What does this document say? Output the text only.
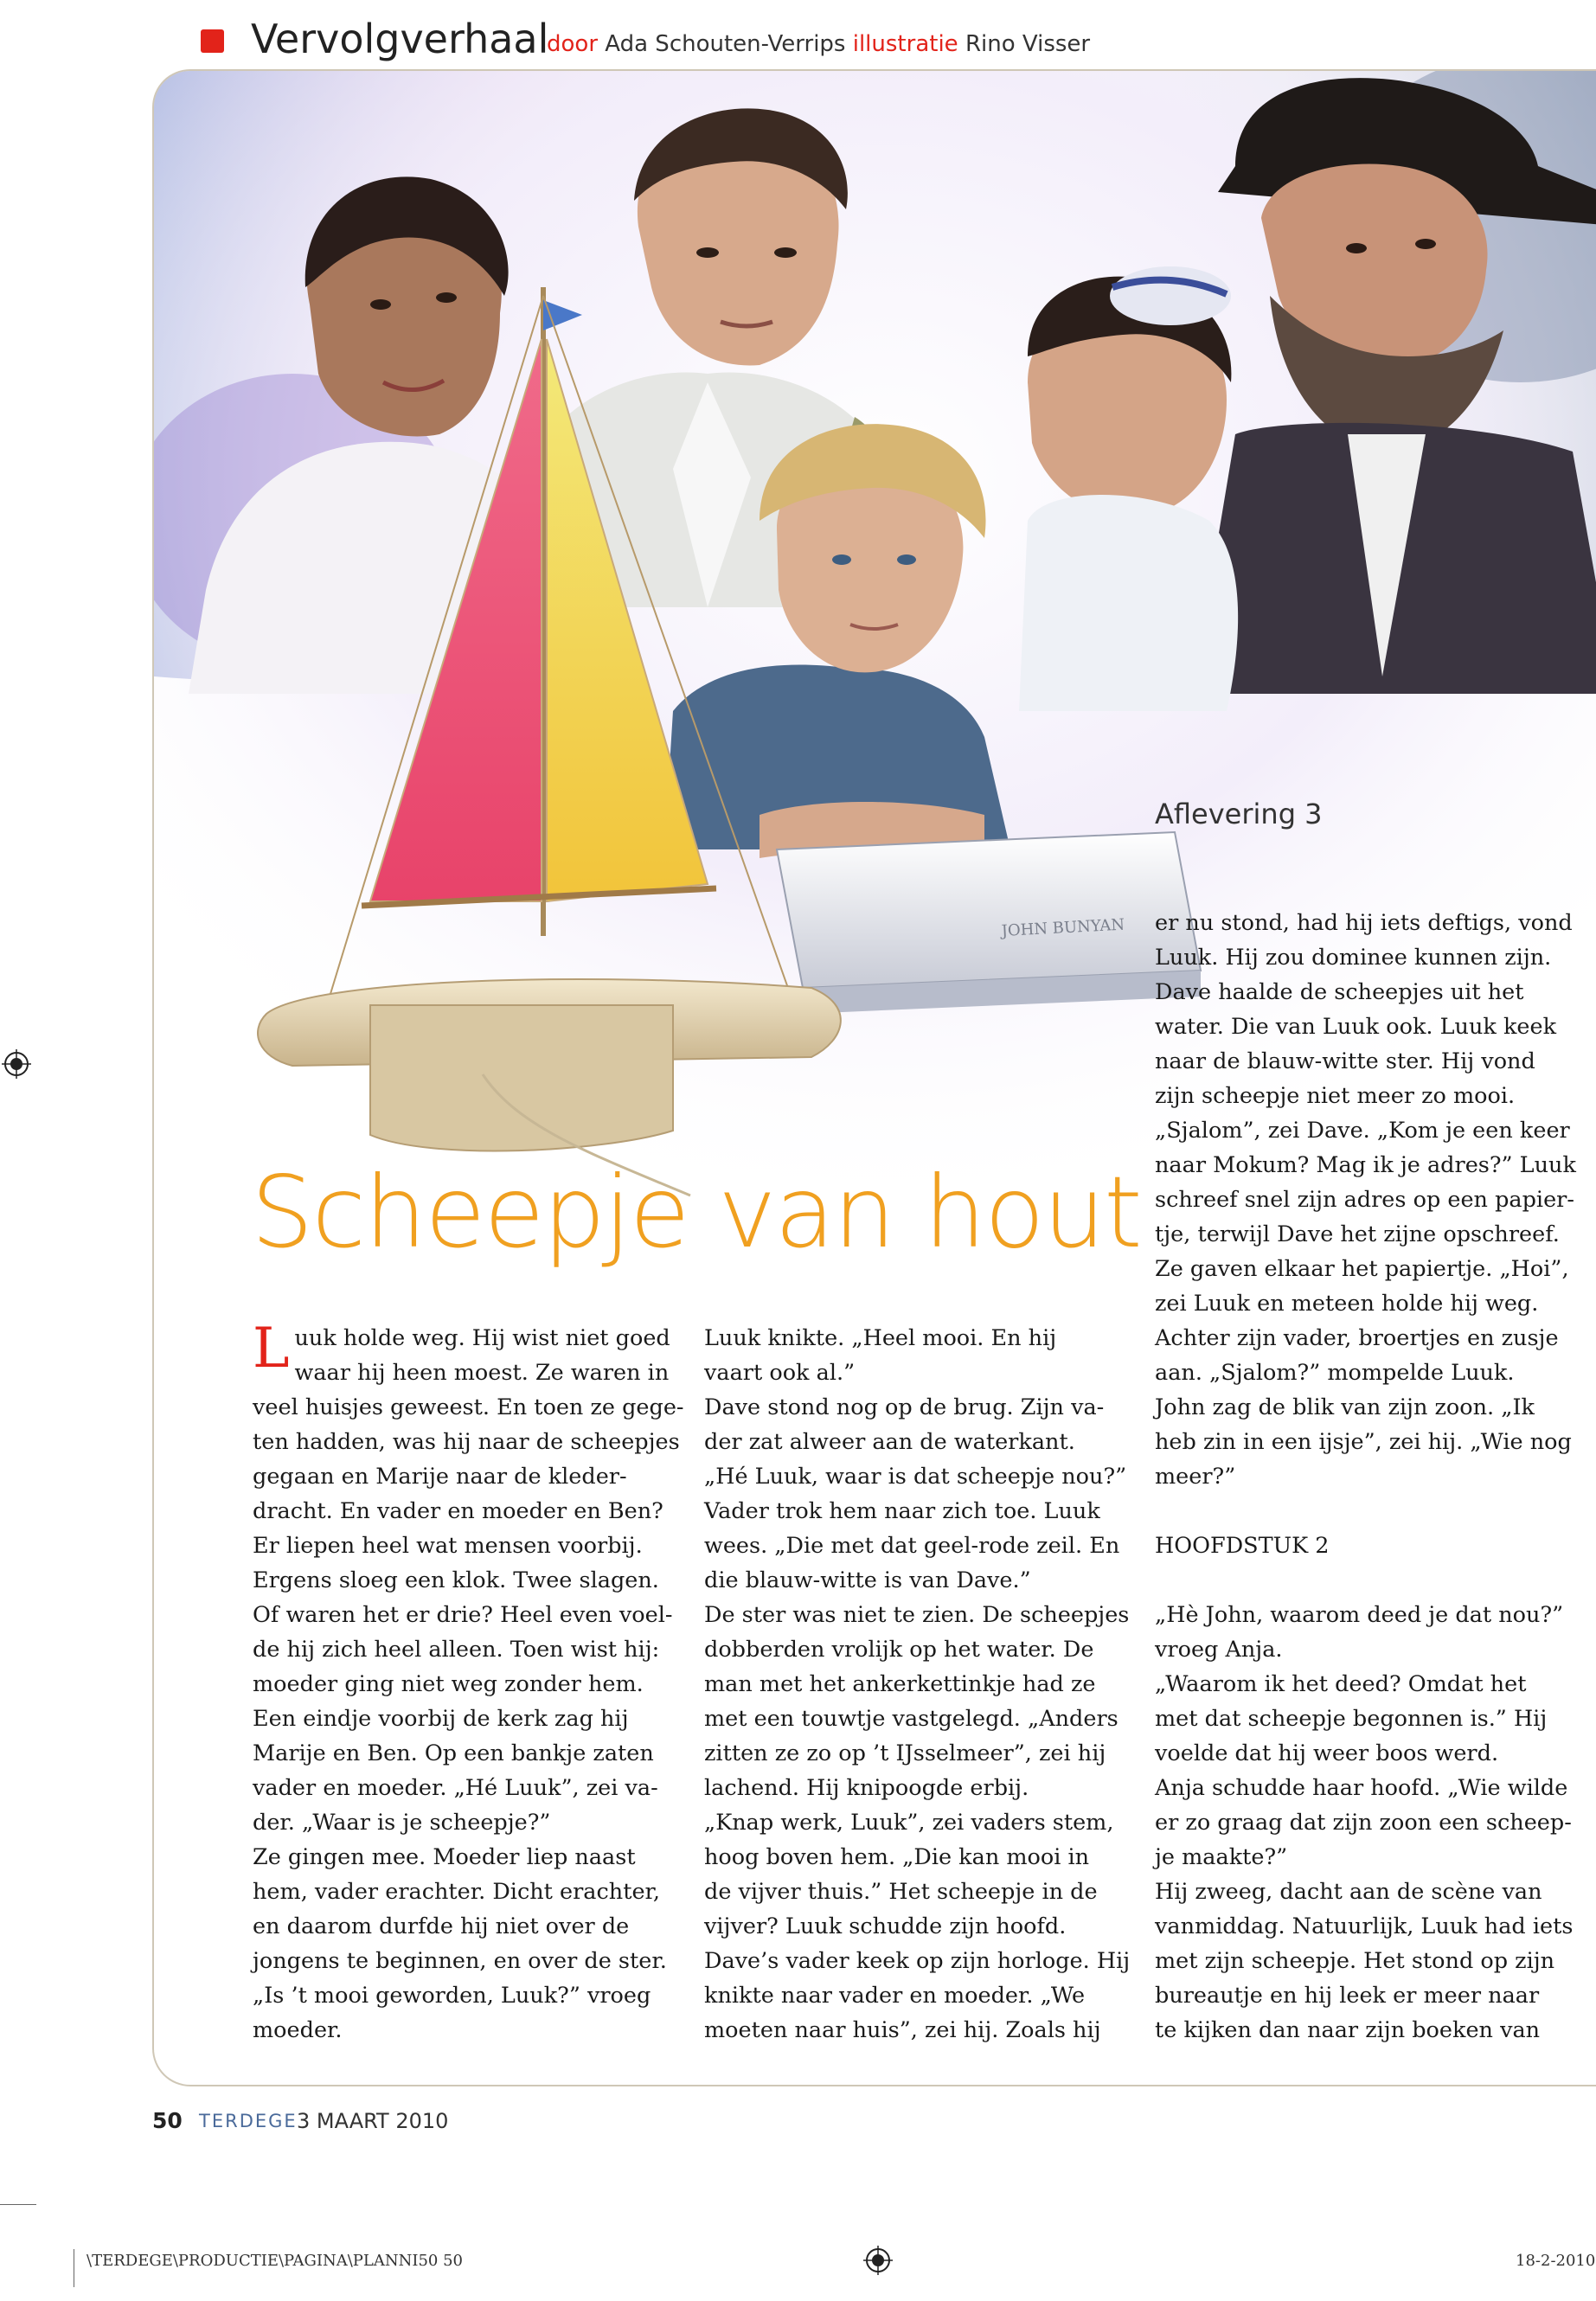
Vervolgverhaal
door Ada Schouten-Verrips illustratie Rino Visser
JOHN BUNYAN
Aflevering 3
Scheepje van hout
L uuk holde weg. Hij wist niet goed

waar hij heen moest. Ze waren in

veel huisjes geweest. En toen ze gege-

ten hadden, was hij naar de scheepjes

gegaan en Marije naar de kleder-

dracht. En vader en moeder en Ben?

Er liepen heel wat mensen voorbij.

Ergens sloeg een klok. Twee slagen.

Of waren het er drie? Heel even voel-

de hij zich heel alleen. Toen wist hij:

moeder ging niet weg zonder hem.

Een eindje voorbij de kerk zag hij

Marije en Ben. Op een bankje zaten

vader en moeder. „Hé Luuk”, zei va-

der. „Waar is je scheepje?”

Ze gingen mee. Moeder liep naast

hem, vader erachter. Dicht erachter,

en daarom durfde hij niet over de

jongens te beginnen, en over de ster.

„Is ’t mooi geworden, Luuk?” vroeg

moeder.

Luuk knikte. „Heel mooi. En hij

vaart ook al.”

Dave stond nog op de brug. Zijn va-

der zat alweer aan de waterkant.

„Hé Luuk, waar is dat scheepje nou?”

Vader trok hem naar zich toe. Luuk

wees. „Die met dat geel-rode zeil. En

die blauw-witte is van Dave.”

De ster was niet te zien. De scheepjes

dobberden vrolijk op het water. De

man met het ankerkettinkje had ze

met een touwtje vastgelegd. „Anders

zitten ze zo op ’t IJsselmeer”, zei hij

lachend. Hij knipoogde erbij.

„Knap werk, Luuk”, zei vaders stem,

hoog boven hem. „Die kan mooi in

de vijver thuis.” Het scheepje in de

vijver? Luuk schudde zijn hoofd.

Dave’s vader keek op zijn horloge. Hij

knikte naar vader en moeder. „We

moeten naar huis”, zei hij. Zoals hij

er nu stond, had hij iets deftigs, vond

Luuk. Hij zou dominee kunnen zijn.

Dave haalde de scheepjes uit het

water. Die van Luuk ook. Luuk keek

naar de blauw-witte ster. Hij vond

zijn scheepje niet meer zo mooi.

„Sjalom”, zei Dave. „Kom je een keer

naar Mokum? Mag ik je adres?” Luuk

schreef snel zijn adres op een papier-

tje, terwijl Dave het zijne opschreef.

Ze gaven elkaar het papiertje. „Hoi”,

zei Luuk en meteen holde hij weg.

Achter zijn vader, broertjes en zusje

aan. „Sjalom?” mompelde Luuk.

John zag de blik van zijn zoon. „Ik

heb zin in een ijsje”, zei hij. „Wie nog

meer?”

HOOFDSTUK 2

„Hè John, waarom deed je dat nou?”

vroeg Anja.

„Waarom ik het deed? Omdat het

met dat scheepje begonnen is.” Hij

voelde dat hij weer boos werd.

Anja schudde haar hoofd. „Wie wilde

er zo graag dat zijn zoon een scheep-

je maakte?”

Hij zweeg, dacht aan de scène van

vanmiddag. Natuurlijk, Luuk had iets

met zijn scheepje. Het stond op zijn

bureautje en hij leek er meer naar

te kijken dan naar zijn boeken van

50 TERDEGE 3 MAART 2010
\TERDEGE\PRODUCTIE\PAGINA\PLANNI50 50	18-2-2010
